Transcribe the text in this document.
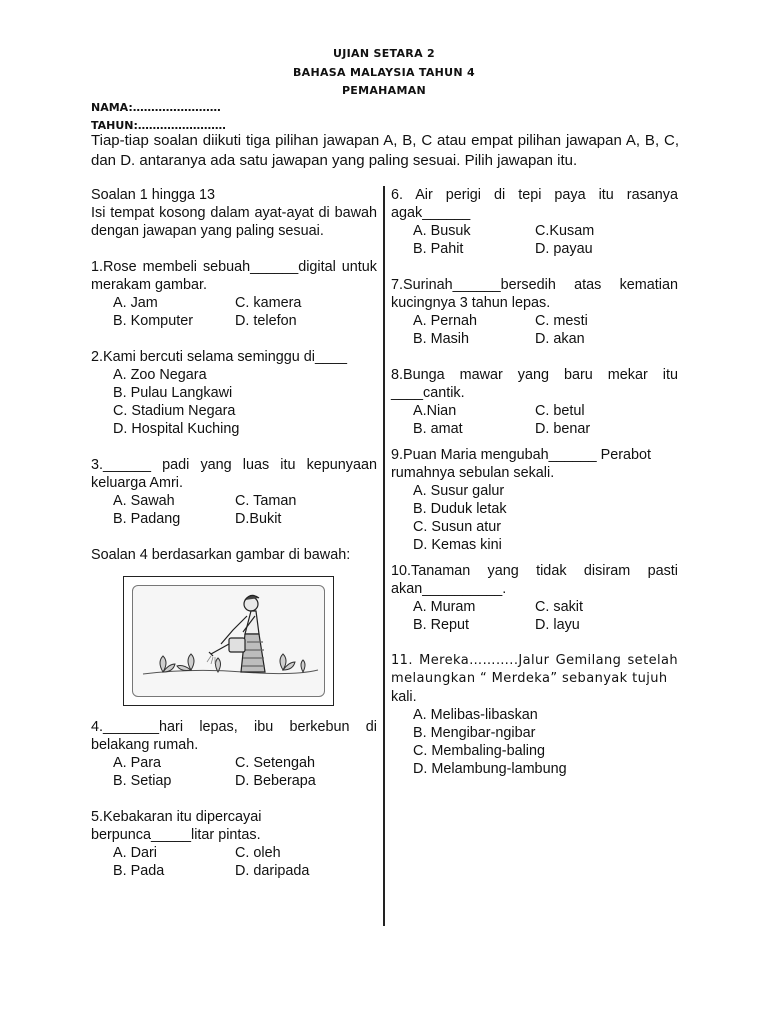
UJIAN SETARA 2
BAHASA MALAYSIA TAHUN 4
PEMAHAMAN
NAMA:……………………
TAHUN:……………………
Tiap-tiap soalan diikuti tiga pilihan jawapan A, B, C atau empat pilihan jawapan A, B, C, dan D. antaranya ada satu jawapan yang paling sesuai. Pilih jawapan itu.

Soalan 1 hingga 13

Isi tempat kosong dalam ayat-ayat di bawah dengan jawapan yang paling sesuai.

1.Rose membeli sebuah______digital untuk merakam gambar.

A. Jam	C. kamera
B. Komputer	D. telefon

2.Kami bercuti selama seminggu di____

A. Zoo Negara
B. Pulau Langkawi
C. Stadium Negara
D. Hospital Kuching

3.______ padi yang luas itu kepunyaan keluarga Amri.

A. Sawah	C. Taman
B. Padang	D.Bukit

Soalan 4 berdasarkan gambar di bawah:

4._______hari lepas, ibu berkebun di belakang rumah.

A. Para	C. Setengah
B. Setiap	D. Beberapa

5.Kebakaran itu dipercayai

berpunca_____litar pintas.

A. Dari	C. oleh
B. Pada	D. daripada

6. Air perigi di tepi paya itu rasanya agak______

A. Busuk	C.Kusam
B. Pahit	D. payau

7.Surinah______bersedih atas kematian kucingnya 3 tahun lepas.

A. Pernah	C. mesti
B. Masih	D. akan

8.Bunga mawar yang baru mekar itu ____cantik.

A.Nian	C. betul
B. amat	D. benar

9.Puan Maria mengubah______ Perabot rumahnya sebulan sekali.

A. Susur galur
B. Duduk letak
C. Susun atur
D. Kemas kini

10.Tanaman yang tidak disiram pasti akan__________.

A. Muram	C. sakit
B. Reput	D. layu

11. Mereka………..Jalur Gemilang setelah melaungkan “ Merdeka” sebanyak tujuh

kali.

A. Melibas-libaskan
B. Mengibar-ngibar
C. Membaling-baling
D. Melambung-lambung
